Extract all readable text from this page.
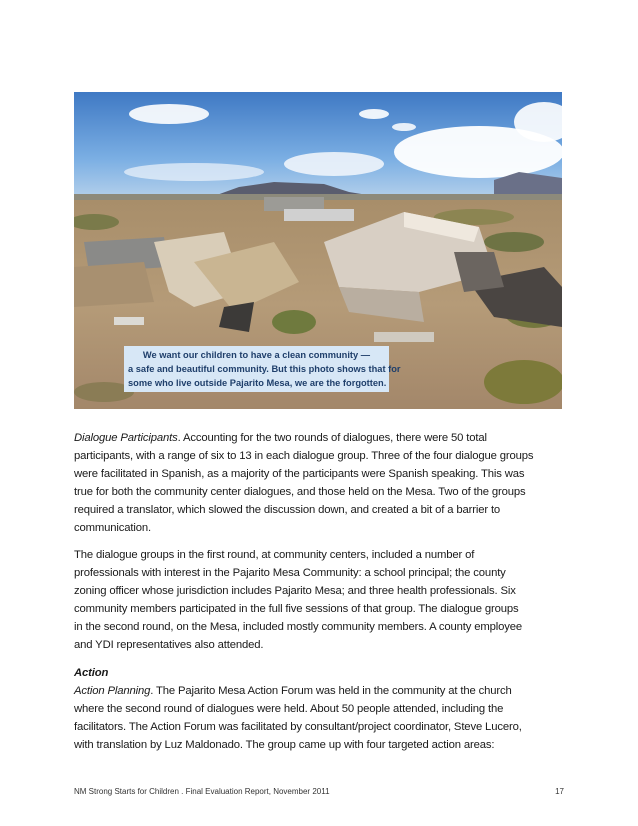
We want our children to have a clean community —
a safe and beautiful community. But this photo shows that for
some who live outside Pajarito Mesa, we are the forgotten.
Dialogue Participants. Accounting for the two rounds of dialogues, there were 50 total
participants, with a range of six to 13 in each dialogue group. Three of the four dialogue groups
were facilitated in Spanish, as a majority of the participants were Spanish speaking. This was
true for both the community center dialogues, and those held on the Mesa. Two of the groups
required a translator, which slowed the discussion down, and created a bit of a barrier to
communication.
The dialogue groups in the first round, at community centers, included a number of
professionals with interest in the Pajarito Mesa Community: a school principal; the county
zoning officer whose jurisdiction includes Pajarito Mesa; and three health professionals. Six
community members participated in the full five sessions of that group. The dialogue groups
in the second round, on the Mesa, included mostly community members. A county employee
and YDI representatives also attended.
Action
Action Planning. The Pajarito Mesa Action Forum was held in the community at the church
where the second round of dialogues were held. About 50 people attended, including the
facilitators. The Action Forum was facilitated by consultant/project coordinator, Steve Lucero,
with translation by Luz Maldonado. The group came up with four targeted action areas:
NM Strong Starts for Children . Final Evaluation Report, November 2011	17
